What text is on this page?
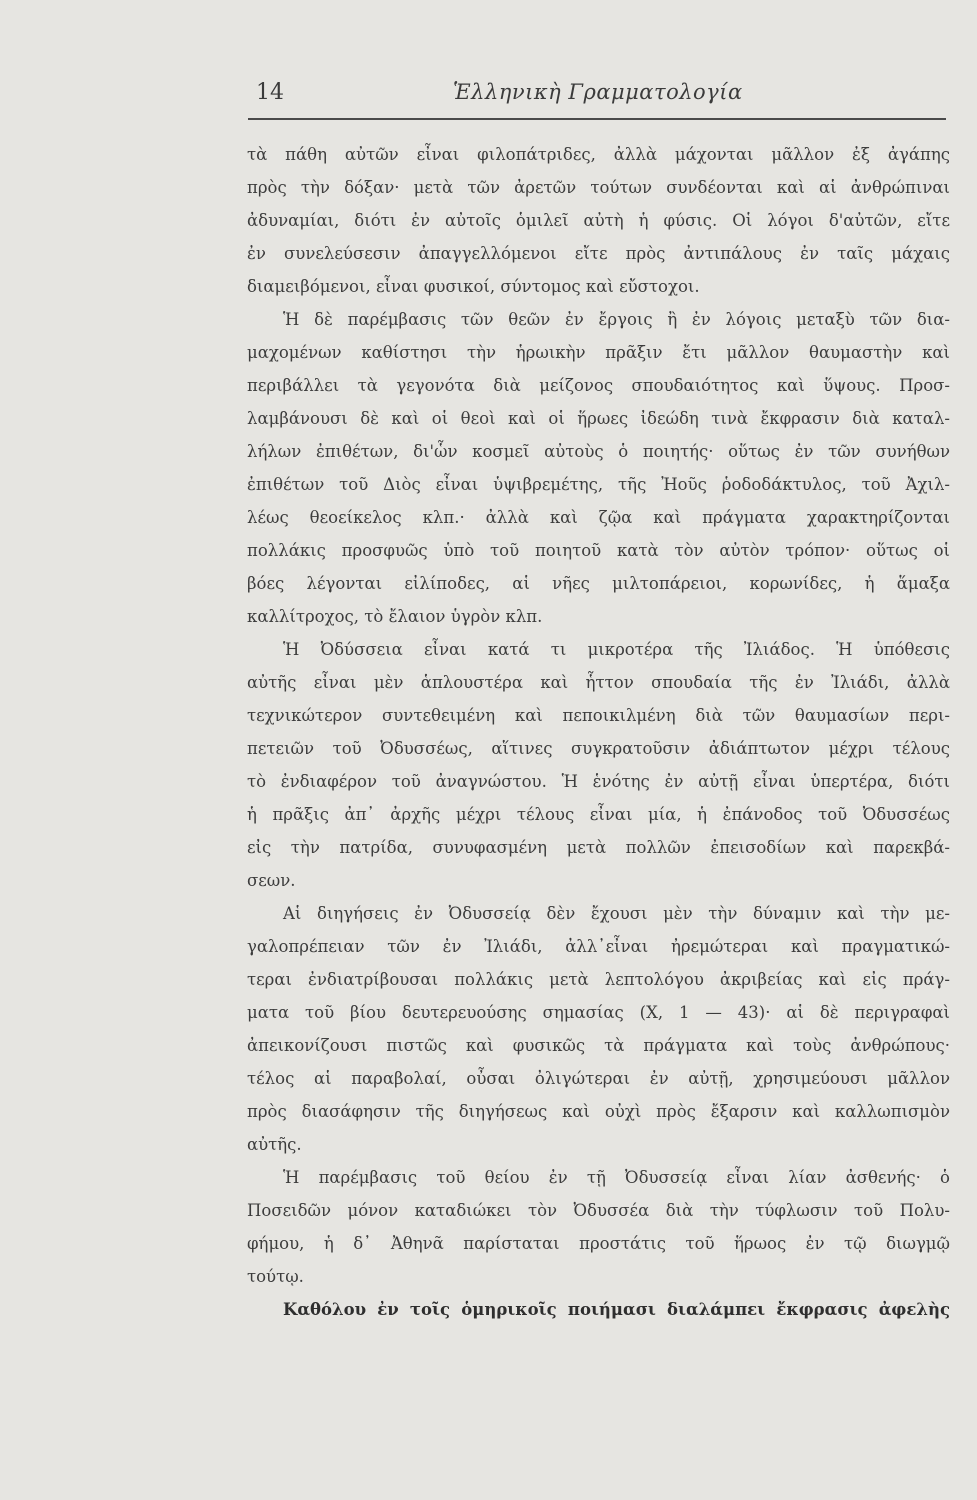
14	Ἑλληνικὴ Γραμματολογία
τὰ πάθη αὐτῶν εἶναι φιλοπάτριδες, ἀλλὰ μάχονται μᾶλλον ἐξ ἀγάπης
πρὸς τὴν δόξαν· μετὰ τῶν ἀρετῶν τούτων συνδέονται καὶ αἱ ἀνθρώπιναι
ἀδυναμίαι, διότι ἐν αὐτοῖς ὁμιλεῖ αὐτὴ ἡ φύσις. Οἱ λόγοι δ'αὐτῶν, εἴτε
ἐν συνελεύσεσιν ἀπαγγελλόμενοι εἴτε πρὸς ἀντιπάλους ἐν ταῖς μάχαις
διαμειβόμενοι, εἶναι φυσικοί, σύντομος καὶ εὔστοχοι.
Ἡ δὲ παρέμβασις τῶν θεῶν ἐν ἔργοις ἢ ἐν λόγοις μεταξὺ τῶν δια-
μαχομένων καθίστησι τὴν ἡρωικὴν πρᾶξιν ἔτι μᾶλλον θαυμαστὴν καὶ
περιβάλλει τὰ γεγονότα διὰ μείζονος σπουδαιότητος καὶ ὕψους. Προσ-
λαμβάνουσι δὲ καὶ οἱ θεοὶ καὶ οἱ ἥρωες ἰδεώδη τινὰ ἔκφρασιν διὰ καταλ-
λήλων ἐπιθέτων, δι'ὧν κοσμεῖ αὐτοὺς ὁ ποιητής· οὕτως ἐν τῶν συνήθων
ἐπιθέτων τοῦ Διὸς εἶναι ὑψιβρεμέτης, τῆς Ἠοῦς ῥοδοδάκτυλος, τοῦ Ἀχιλ-
λέως θεοείκελος κλπ.· ἀλλὰ καὶ ζῷα καὶ πράγματα χαρακτηρίζονται
πολλάκις προσφυῶς ὑπὸ τοῦ ποιητοῦ κατὰ τὸν αὐτὸν τρόπον· οὕτως οἱ
βόες λέγονται εἰλίποδες, αἱ νῆες μιλτοπάρειοι, κορωνίδες, ἡ ἅμαξα
καλλίτροχος, τὸ ἔλαιον ὑγρὸν κλπ.
Ἡ Ὀδύσσεια εἶναι κατά τι μικροτέρα τῆς Ἰλιάδος. Ἡ ὑπόθεσις
αὐτῆς εἶναι μὲν ἁπλουστέρα καὶ ἧττον σπουδαία τῆς ἐν Ἰλιάδι, ἀλλὰ
τεχνικώτερον συντεθειμένη καὶ πεποικιλμένη διὰ τῶν θαυμασίων περι-
πετειῶν τοῦ Ὀδυσσέως, αἵτινες συγκρατοῦσιν ἀδιάπτωτον μέχρι τέλους
τὸ ἐνδιαφέρον τοῦ ἀναγνώστου. Ἡ ἑνότης ἐν αὐτῇ εἶναι ὑπερτέρα, διότι
ἡ πρᾶξις ἀπ᾽ ἀρχῆς μέχρι τέλους εἶναι μία, ἡ ἐπάνοδος τοῦ Ὀδυσσέως
εἰς τὴν πατρίδα, συνυφασμένη μετὰ πολλῶν ἐπεισοδίων καὶ παρεκβά-
σεων.
Αἱ διηγήσεις ἐν Ὀδυσσείᾳ δὲν ἔχουσι μὲν τὴν δύναμιν καὶ τὴν με-
γαλοπρέπειαν τῶν ἐν Ἰλιάδι, ἀλλ᾽εἶναι ἠρεμώτεραι καὶ πραγματικώ-
τεραι ἐνδιατρίβουσαι πολλάκις μετὰ λεπτολόγου ἀκριβείας καὶ εἰς πράγ-
ματα τοῦ βίου δευτερευούσης σημασίας (Χ, 1 — 43)· αἱ δὲ περιγραφαὶ
ἀπεικονίζουσι πιστῶς καὶ φυσικῶς τὰ πράγματα καὶ τοὺς ἀνθρώπους·
τέλος αἱ παραβολαί, οὖσαι ὀλιγώτεραι ἐν αὐτῇ, χρησιμεύουσι μᾶλλον
πρὸς διασάφησιν τῆς διηγήσεως καὶ οὐχὶ πρὸς ἔξαρσιν καὶ καλλωπισμὸν
αὐτῆς.
Ἡ παρέμβασις τοῦ θείου ἐν τῇ Ὀδυσσείᾳ εἶναι λίαν ἀσθενής· ὁ
Ποσειδῶν μόνον καταδιώκει τὸν Ὀδυσσέα διὰ τὴν τύφλωσιν τοῦ Πολυ-
φήμου, ἡ δ᾽ Ἀθηνᾶ παρίσταται προστάτις τοῦ ἥρωος ἐν τῷ διωγμῷ
τούτῳ.
Καθόλου ἐν τοῖς ὁμηρικοῖς ποιήμασι διαλάμπει ἔκφρασις ἀφελὴς
